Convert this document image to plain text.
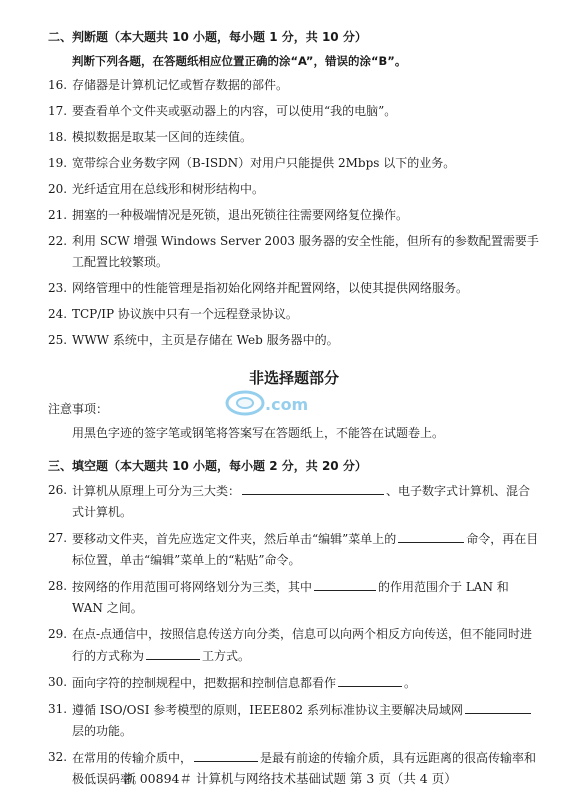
二、判断题（本大题共 10 小题，每小题 1 分，共 10 分）
判断下列各题，在答题纸相应位置正确的涂“A”，错误的涂“B”。
16. 存储器是计算机记忆或暂存数据的部件。
17. 要查看单个文件夹或驱动器上的内容，可以使用“我的电脑”。
18. 模拟数据是取某一区间的连续值。
19. 宽带综合业务数字网（B-ISDN）对用户只能提供 2Mbps 以下的业务。
20. 光纤适宜用在总线形和树形结构中。
21. 拥塞的一种极端情况是死锁，退出死锁往往需要网络复位操作。
22. 利用 SCW 增强 Windows Server 2003 服务器的安全性能，但所有的参数配置需要手工配置比较繁琐。
23. 网络管理中的性能管理是指初始化网络并配置网络，以使其提供网络服务。
24. TCP/IP 协议族中只有一个远程登录协议。
25. WWW 系统中，主页是存储在 Web 服务器中的。
非选择题部分
注意事项：
用黑色字迹的签字笔或钢笔将答案写在答题纸上，不能答在试题卷上。
三、填空题（本大题共 10 小题，每小题 2 分，共 20 分）
26. 计算机从原理上可分为三大类：	、电子数字式计算机、混合式计算机。
27. 要移动文件夹，首先应选定文件夹，然后单击“编辑”菜单上的	命令，再在目标位置，单击“编辑”菜单上的“粘贴”命令。
28. 按网络的作用范围可将网络划分为三类，其中	的作用范围介于 LAN 和 WAN 之间。
29. 在点-点通信中，按照信息传送方向分类，信息可以向两个相反方向传送，但不能同时进行的方式称为	工方式。
30. 面向字符的控制规程中，把数据和控制信息都看作	。
31. 遵循 ISO/OSI 参考模型的原则，IEEE802 系列标准协议主要解决局域网层的功能。
32. 在常用的传输介质中，	是最有前途的传输介质，具有远距离的很高传输率和极低误码率。
.com
浙 00894＃ 计算机与网络技术基础试题 第 3 页（共 4 页）
